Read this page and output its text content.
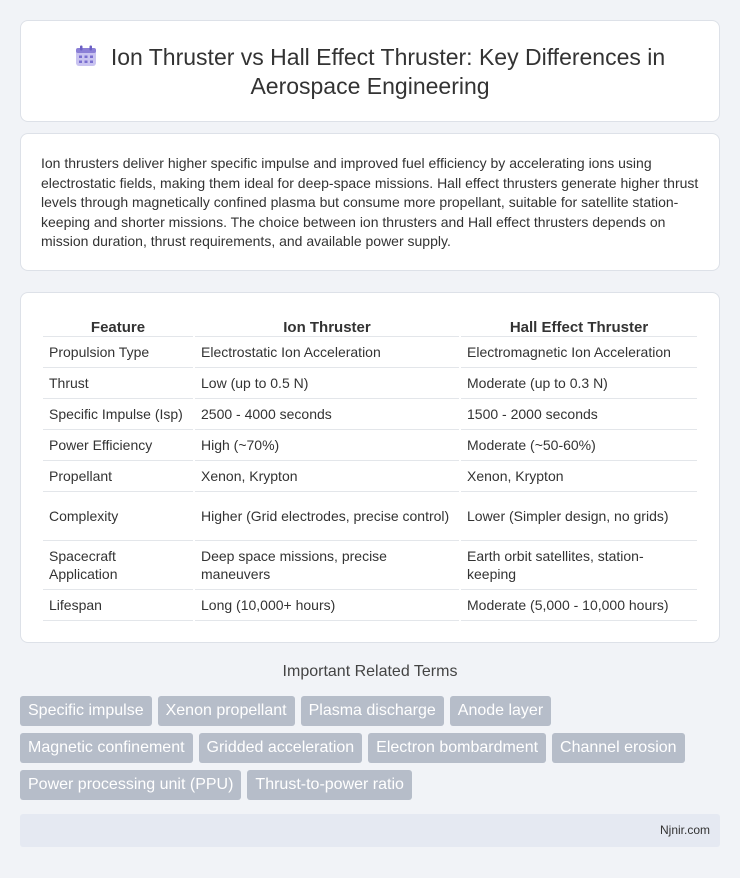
Ion Thruster vs Hall Effect Thruster: Key Differences in
Aerospace Engineering

Ion thrusters deliver higher specific impulse and improved fuel efficiency by accelerating ions using electrostatic fields, making them ideal for deep-space missions. Hall effect thrusters generate higher thrust levels through magnetically confined plasma but consume more propellant, suitable for satellite station-keeping and shorter missions. The choice between ion thrusters and Hall effect thrusters depends on mission duration, thrust requirements, and available power supply.

Feature	Ion Thruster	Hall Effect Thruster
Propulsion Type	Electrostatic Ion Acceleration	Electromagnetic Ion Acceleration
Thrust	Low (up to 0.5 N)	Moderate (up to 0.3 N)
Specific Impulse (Isp)	2500 - 4000 seconds	1500 - 2000 seconds
Power Efficiency	High (~70%)	Moderate (~50-60%)
Propellant	Xenon, Krypton	Xenon, Krypton
Complexity	Higher (Grid electrodes, precise control)	Lower (Simpler design, no grids)
Spacecraft Application	Deep space missions, precise maneuvers	Earth orbit satellites, station-keeping
Lifespan	Long (10,000+ hours)	Moderate (5,000 - 10,000 hours)
Important Related Terms
Specific impulse	Xenon propellant	Plasma discharge	Anode layer
Magnetic confinement	Gridded acceleration	Electron bombardment	Channel erosion
Power processing unit (PPU)	Thrust-to-power ratio
Njnir.com
